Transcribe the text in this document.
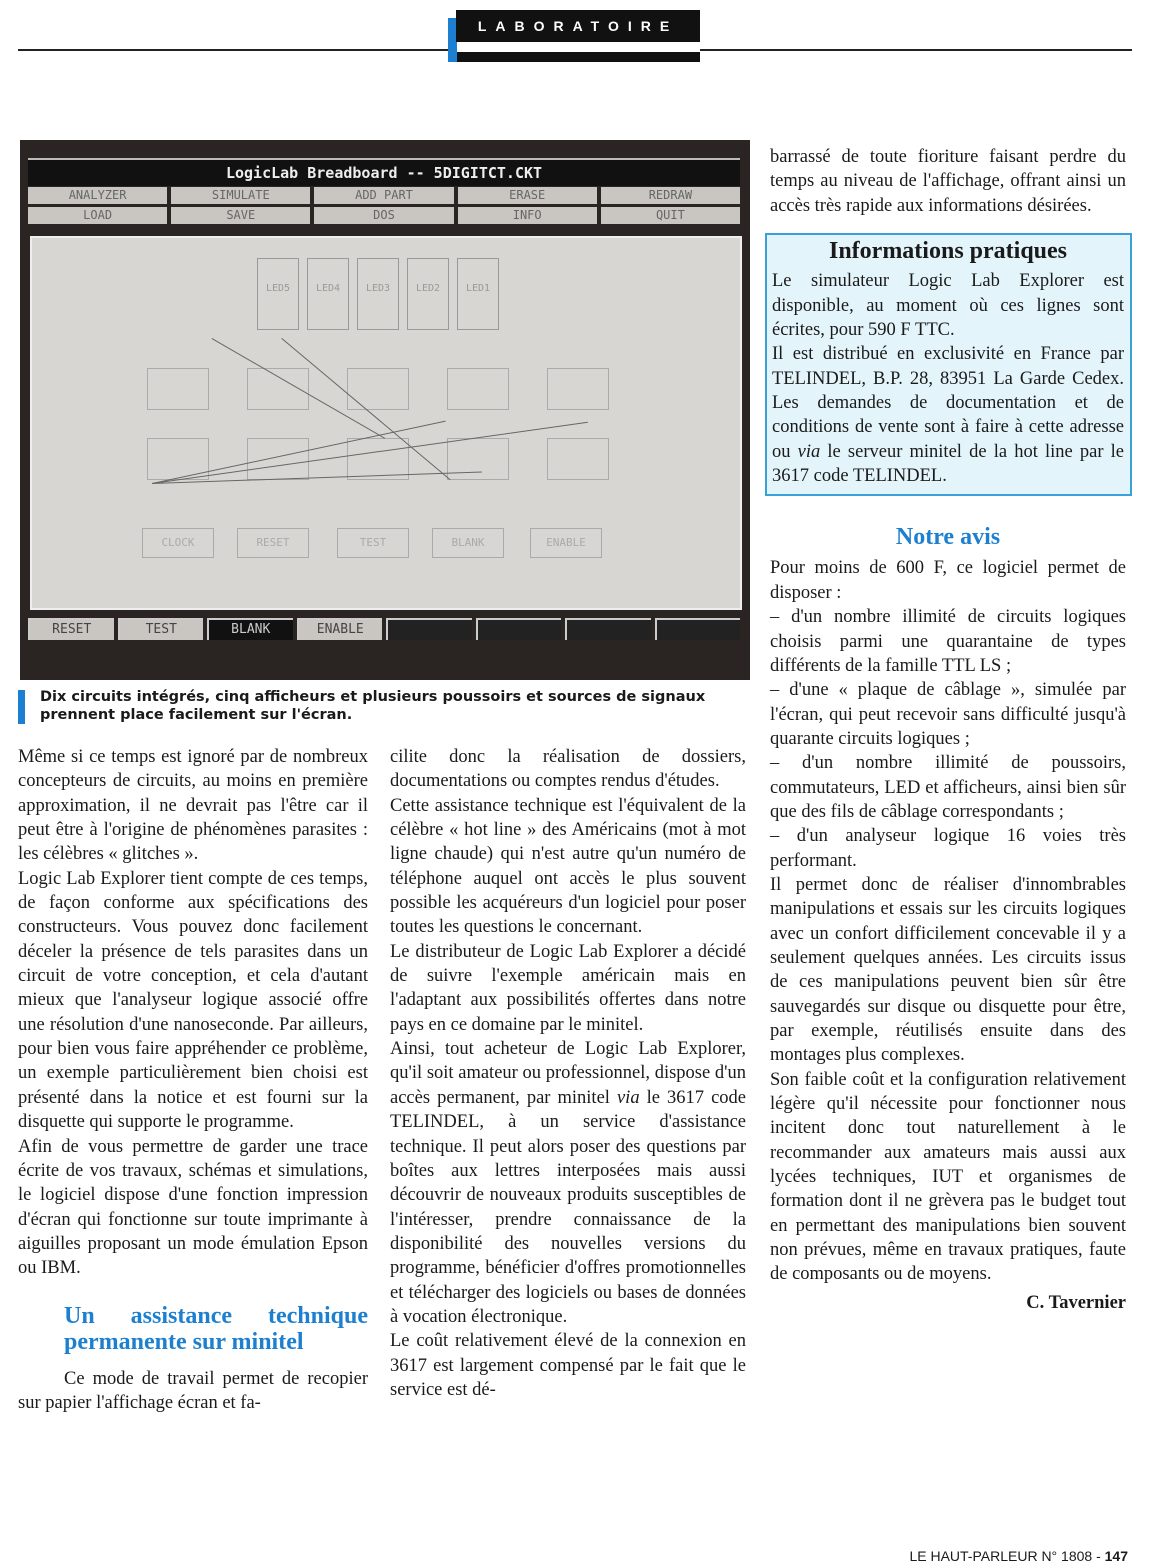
LABORATOIRE
LogicLab Breadboard -- 5DIGITCT.CKT
ANALYZER	SIMULATE	ADD PART	ERASE	REDRAW
LOAD	SAVE	DOS	INFO	QUIT
LED5	LED4	LED3	LED2	LED1
CLOCK	RESET	TEST	BLANK	ENABLE
RESET	TEST	BLANK	ENABLE
Dix circuits intégrés, cinq afficheurs et plusieurs poussoirs et sources de signaux prennent place facilement sur l'écran.

Même si ce temps est ignoré par de nombreux concepteurs de circuits, au moins en première approximation, il ne devrait pas l'être car il peut être à l'origine de phénomènes parasites : les célèbres « glitches ».

Logic Lab Explorer tient compte de ces temps, de façon conforme aux spécifications des constructeurs. Vous pouvez donc facilement déceler la présence de tels parasites dans un circuit de votre conception, et cela d'autant mieux que l'analyseur logique associé offre une résolution d'une nanoseconde. Par ailleurs, pour bien vous faire appréhender ce problème, un exemple particulièrement bien choisi est présenté dans la notice et est fourni sur la disquette qui supporte le programme.

Afin de vous permettre de garder une trace écrite de vos travaux, schémas et simulations, le logiciel dispose d'une fonction impression d'écran qui fonctionne sur toute imprimante à aiguilles proposant un mode émulation Epson ou IBM.

Un assistance technique permanente sur minitel

Ce mode de travail permet de recopier sur papier l'affichage écran et fa-

cilite donc la réalisation de dossiers, documentations ou comptes rendus d'études.

Cette assistance technique est l'équivalent de la célèbre « hot line » des Américains (mot à mot ligne chaude) qui n'est autre qu'un numéro de téléphone auquel ont accès le plus souvent possible les acquéreurs d'un logiciel pour poser toutes les questions le concernant.

Le distributeur de Logic Lab Explorer a décidé de suivre l'exemple américain mais en l'adaptant aux possibilités offertes dans notre pays en ce domaine par le minitel.

Ainsi, tout acheteur de Logic Lab Explorer, qu'il soit amateur ou professionnel, dispose d'un accès permanent, par minitel via le 3617 code TELINDEL, à un service d'assistance technique. Il peut alors poser des questions par boîtes aux lettres interposées mais aussi découvrir de nouveaux produits susceptibles de l'intéresser, prendre connaissance de la disponibilité des nouvelles versions du programme, bénéficier d'offres promotionnelles et télécharger des logiciels ou bases de données à vocation électronique.

Le coût relativement élevé de la connexion en 3617 est largement compensé par le fait que le service est dé-

barrassé de toute fioriture faisant perdre du temps au niveau de l'affichage, offrant ainsi un accès très rapide aux informations désirées.

Informations pratiques

Le simulateur Logic Lab Explorer est disponible, au moment où ces lignes sont écrites, pour 590 F TTC.

Il est distribué en exclusivité en France par TELINDEL, B.P. 28, 83951 La Garde Cedex. Les demandes de documentation et de conditions de vente sont à faire à cette adresse ou via le serveur minitel de la hot line par le 3617 code TELINDEL.

Notre avis

Pour moins de 600 F, ce logiciel permet de disposer :

– d'un nombre illimité de circuits logiques choisis parmi une quarantaine de types différents de la famille TTL LS ;

– d'une « plaque de câblage », simulée par l'écran, qui peut recevoir sans difficulté jusqu'à quarante circuits logiques ;

– d'un nombre illimité de poussoirs, commutateurs, LED et afficheurs, ainsi bien sûr que des fils de câblage correspondants ;

– d'un analyseur logique 16 voies très performant.

Il permet donc de réaliser d'innombrables manipulations et essais sur les circuits logiques avec un confort difficilement concevable il y a seulement quelques années. Les circuits issus de ces manipulations peuvent bien sûr être sauvegardés sur disque ou disquette pour être, par exemple, réutilisés ensuite dans des montages plus complexes.

Son faible coût et la configuration relativement légère qu'il nécessite pour fonctionner nous incitent donc tout naturellement à le recommander aux amateurs mais aussi aux lycées techniques, IUT et organismes de formation dont il ne grèvera pas le budget tout en permettant des manipulations bien souvent non prévues, même en travaux pratiques, faute de composants ou de moyens.

C. Tavernier

LE HAUT-PARLEUR N° 1808 - 147
